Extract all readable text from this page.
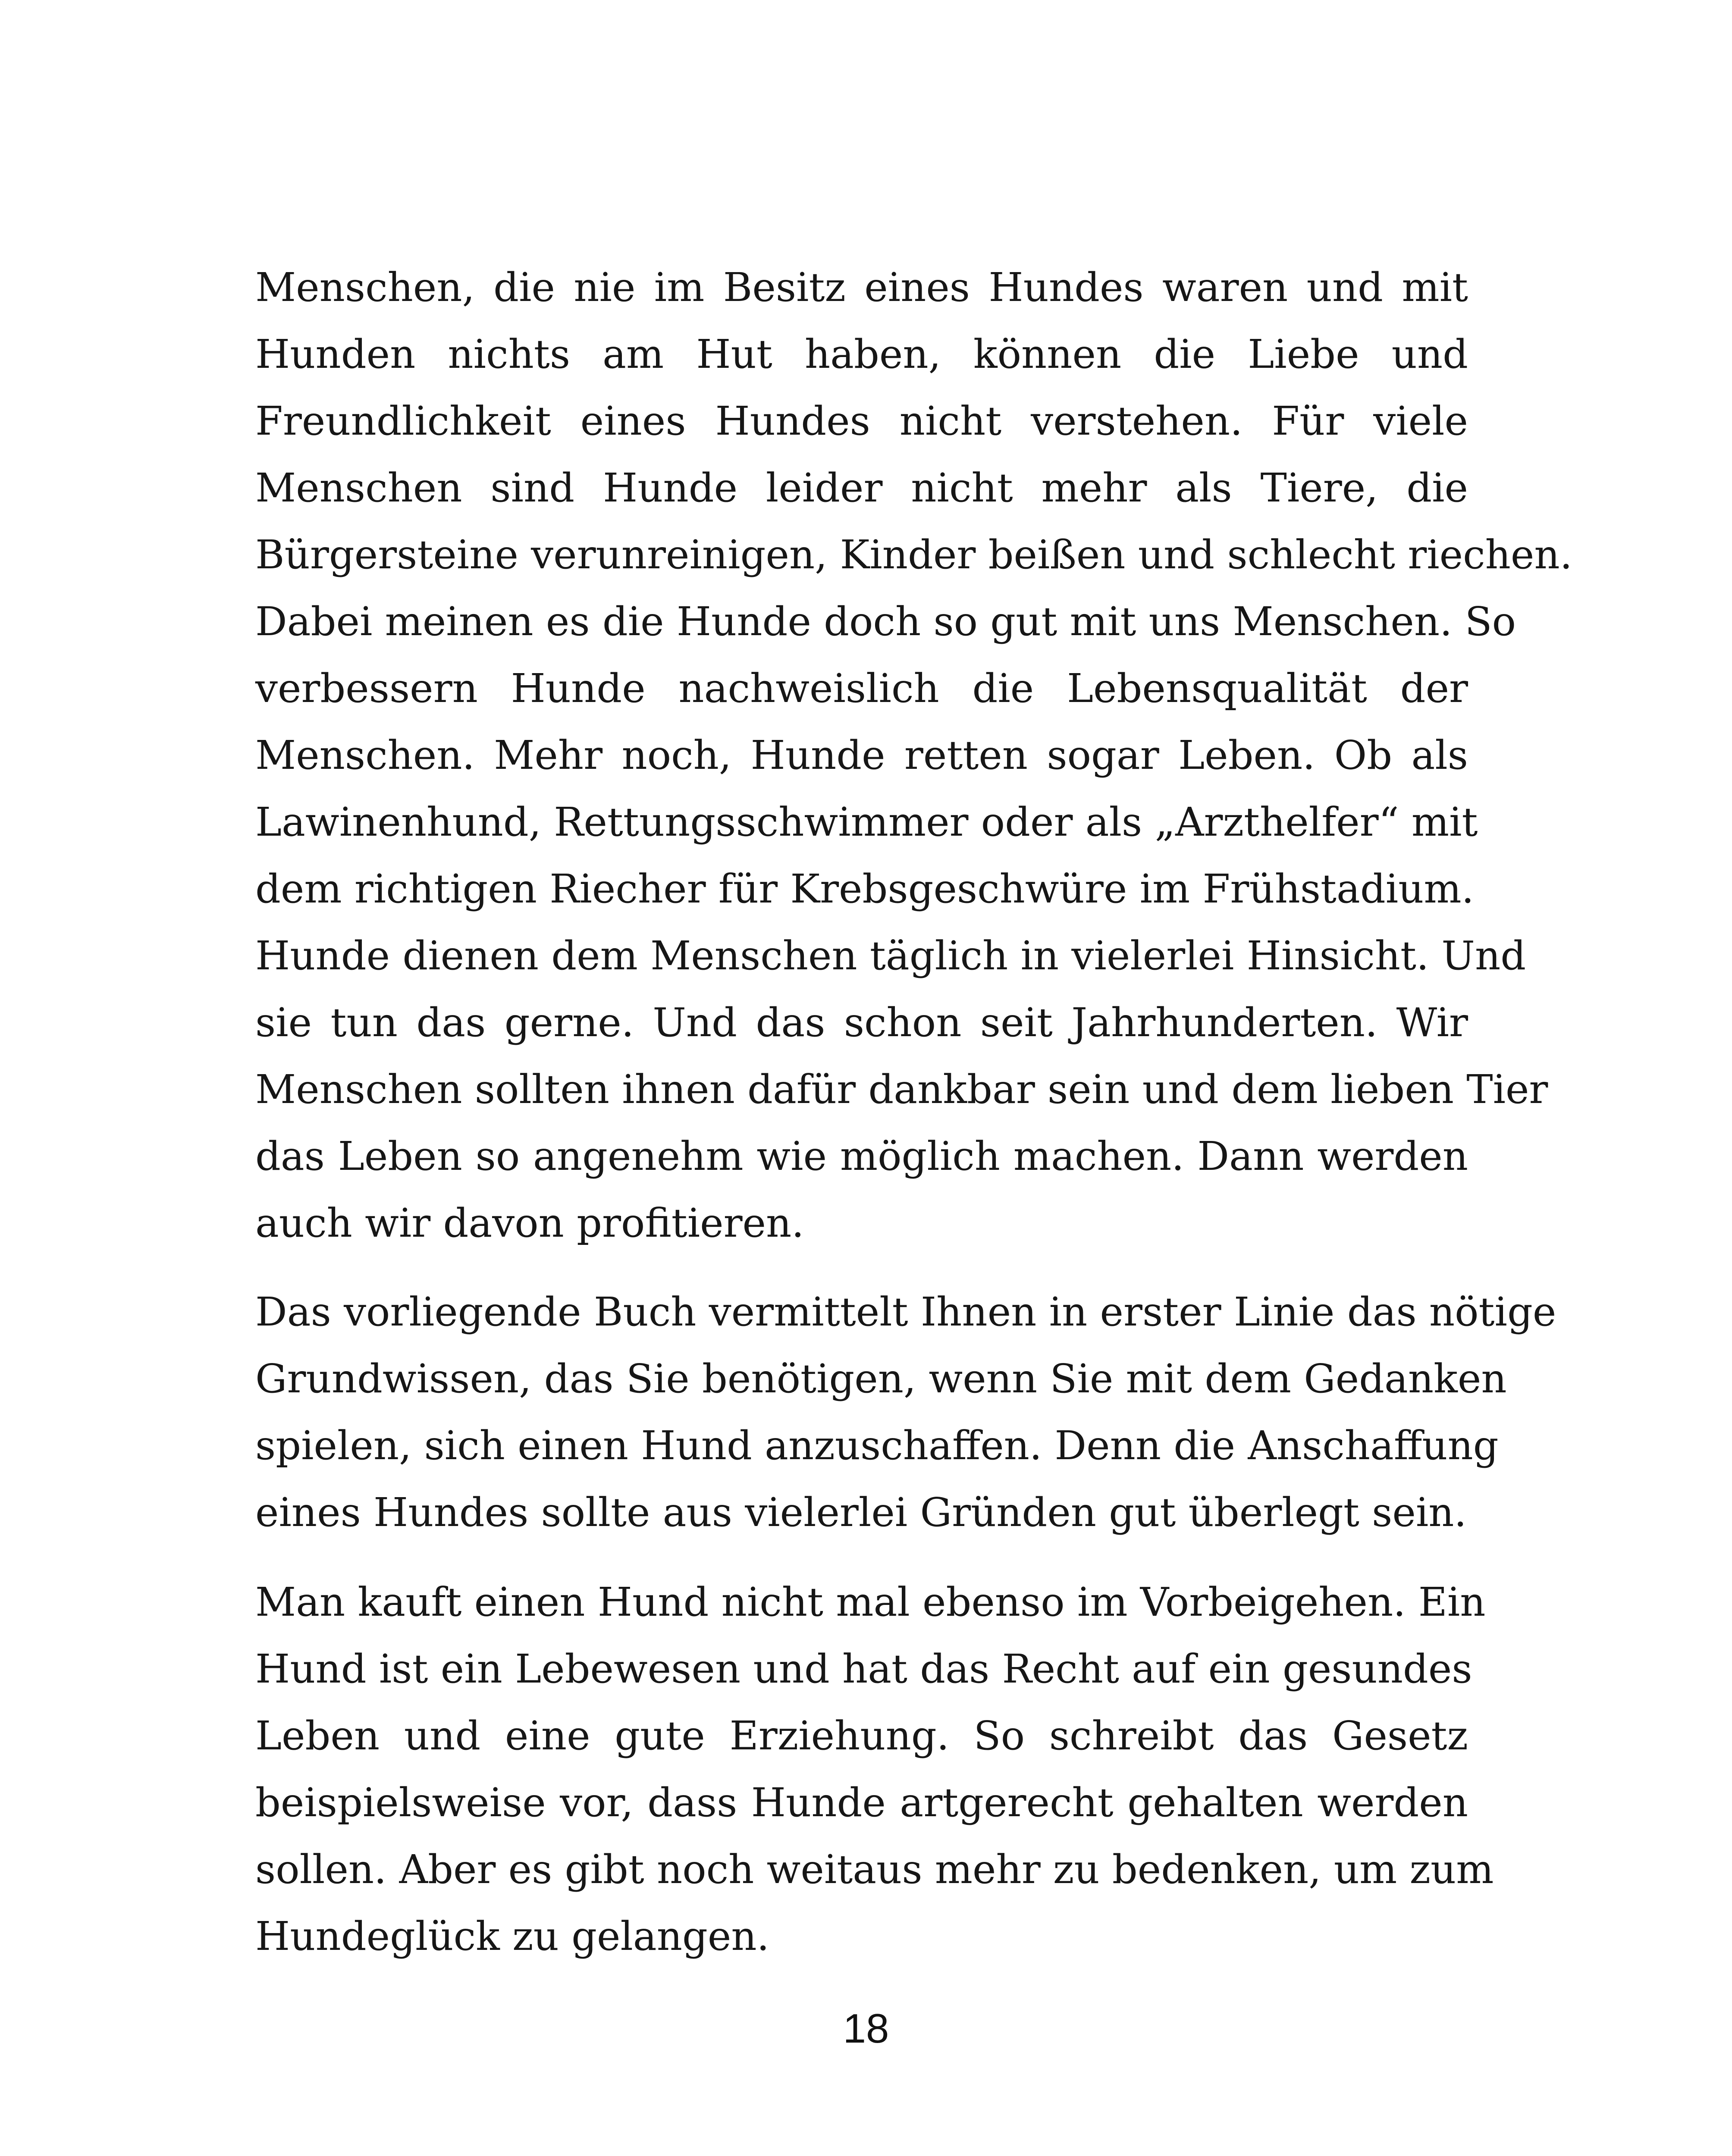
Menschen, die nie im Besitz eines Hundes waren und mit
Hunden nichts am Hut haben, können die Liebe und
Freundlichkeit eines Hundes nicht verstehen. Für viele
Menschen sind Hunde leider nicht mehr als Tiere, die
Bürgersteine verunreinigen, Kinder beißen und schlecht riechen.
Dabei meinen es die Hunde doch so gut mit uns Menschen. So
verbessern Hunde nachweislich die Lebensqualität der
Menschen. Mehr noch, Hunde retten sogar Leben. Ob als
Lawinenhund, Rettungsschwimmer oder als „Arzthelfer“ mit
dem richtigen Riecher für Krebsgeschwüre im Frühstadium.
Hunde dienen dem Menschen täglich in vielerlei Hinsicht. Und
sie tun das gerne. Und das schon seit Jahrhunderten. Wir
Menschen sollten ihnen dafür dankbar sein und dem lieben Tier
das Leben so angenehm wie möglich machen. Dann werden
auch wir davon profitieren.
Das vorliegende Buch vermittelt Ihnen in erster Linie das nötige
Grundwissen, das Sie benötigen, wenn Sie mit dem Gedanken
spielen, sich einen Hund anzuschaffen. Denn die Anschaffung
eines Hundes sollte aus vielerlei Gründen gut überlegt sein.
Man kauft einen Hund nicht mal ebenso im Vorbeigehen. Ein
Hund ist ein Lebewesen und hat das Recht auf ein gesundes
Leben und eine gute Erziehung. So schreibt das Gesetz
beispielsweise vor, dass Hunde artgerecht gehalten werden
sollen. Aber es gibt noch weitaus mehr zu bedenken, um zum
Hundeglück zu gelangen.
18
